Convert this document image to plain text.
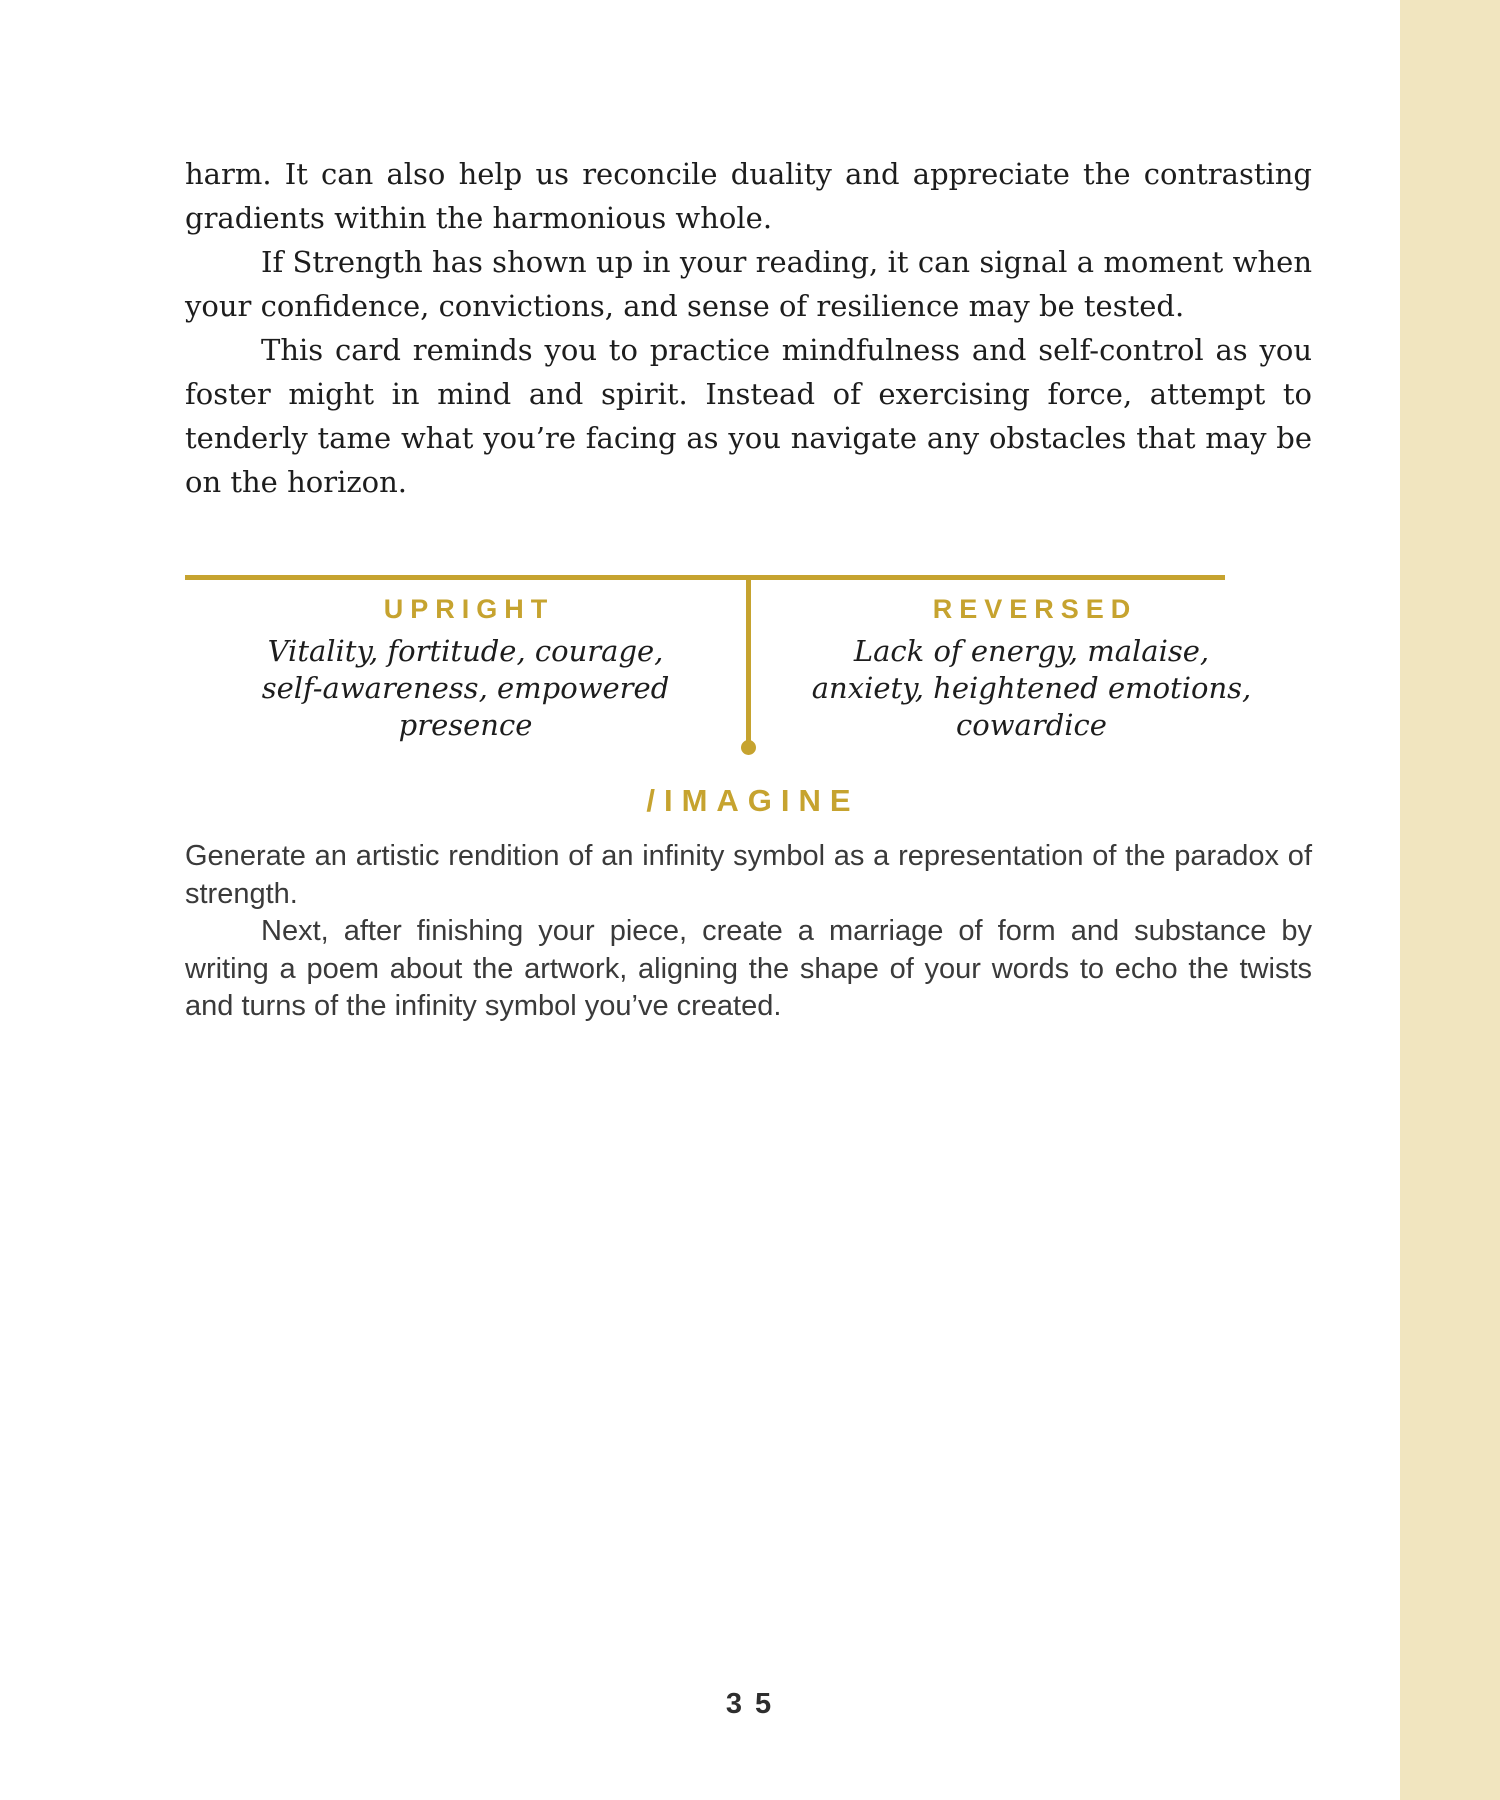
harm. It can also help us reconcile duality and appreciate the contrasting gradients within the harmonious whole.

If Strength has shown up in your reading, it can signal a moment when your confidence, convictions, and sense of resilience may be tested.

This card reminds you to practice mindfulness and self-control as you foster might in mind and spirit. Instead of exercising force, attempt to tenderly tame what you’re facing as you navigate any obstacles that may be on the horizon.

UPRIGHT
Vitality, fortitude, courage, self-awareness, empowered presence
REVERSED
Lack of energy, malaise, anxiety, heightened emotions, cowardice
/IMAGINE

Generate an artistic rendition of an infinity symbol as a representation of the paradox of strength.

Next, after finishing your piece, create a marriage of form and substance by writing a poem about the artwork, aligning the shape of your words to echo the twists and turns of the infinity symbol you’ve created.

35
